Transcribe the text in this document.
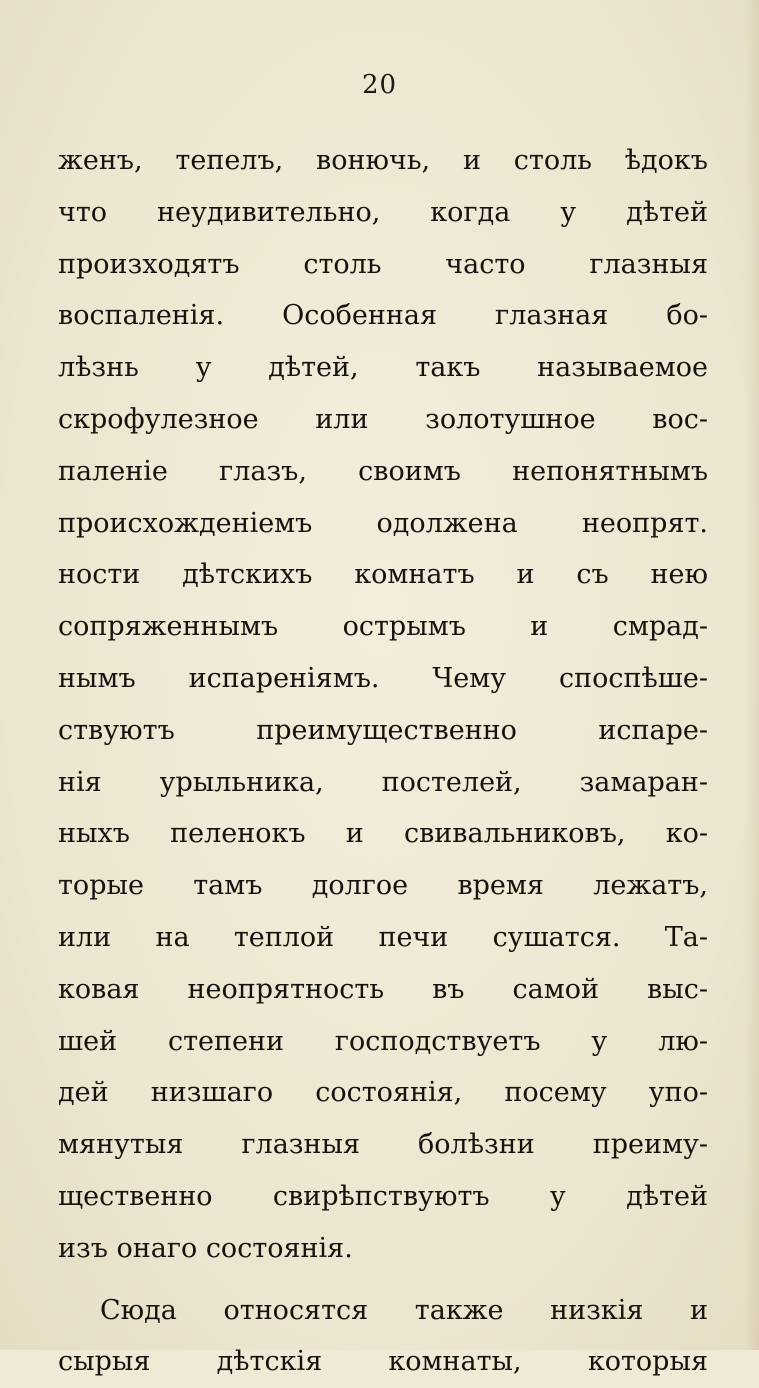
20
женъ, тепелъ, вонючь, и столь ѣдокъ
что неудивительно, когда у дѣтей
произходятъ столь часто глазныя
воспаленія. Особенная глазная бо-
лѣзнь у дѣтей, такъ называемое
скрофулезное или золотушное вос-
паленіе глазъ, своимъ непонятнымъ
происхожденіемъ одолжена неопрят.
ности дѣтскихъ комнатъ и съ нею
сопряженнымъ острымъ и смрад-
нымъ испареніямъ. Чему споспѣше-
ствуютъ преимущественно испаре-
нія урыльника, постелей, замаран-
ныхъ пеленокъ и свивальниковъ, ко-
торые тамъ долгое время лежатъ,
или на теплой печи сушатся. Та-
ковая неопрятность въ самой выс-
шей степени господствуетъ у лю-
дей низшаго состоянія, посему упо-
мянутыя глазныя болѣзни преиму-
щественно свирѣпствуютъ у дѣтей
изъ онаго состоянія.
Сюда относятся также низкія и
сырыя дѣтскія комнаты, которыя
